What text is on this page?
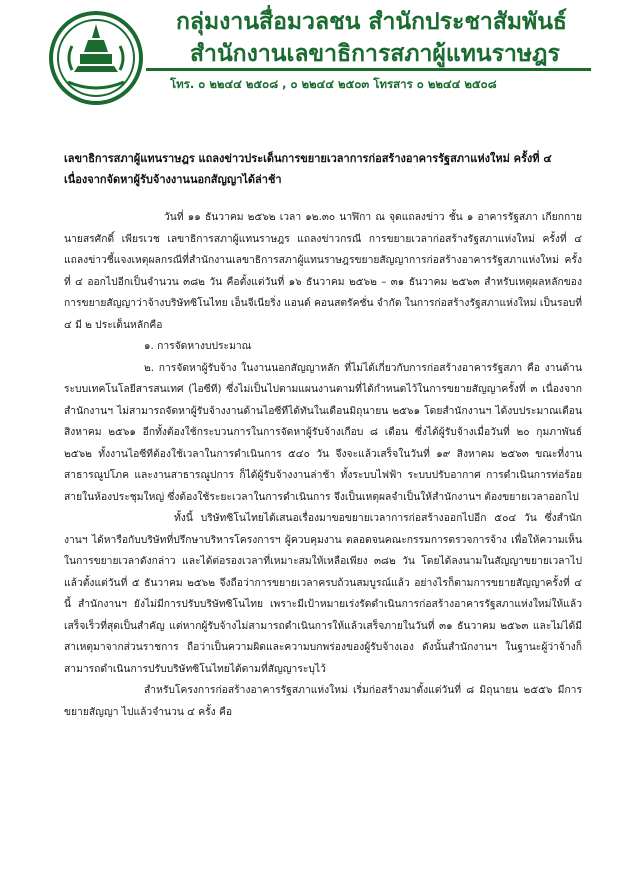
กลุ่มงานสื่อมวลชน สำนักประชาสัมพันธ์
สำนักงานเลขาธิการสภาผู้แทนราษฎร
โทร. ๐ ๒๒๔๔ ๒๕๐๘ , ๐ ๒๒๔๔ ๒๕๐๓ โทรสาร ๐ ๒๒๔๔ ๒๕๐๘
เลขาธิการสภาผู้แทนราษฎร แถลงข่าวประเด็นการขยายเวลาการก่อสร้างอาคารรัฐสภาแห่งใหม่ ครั้งที่ ๔ เนื่องจากจัดหาผู้รับจ้างงานนอกสัญญาได้ล่าช้า

วันที่ ๑๑ ธันวาคม ๒๕๖๒ เวลา ๑๒.๓๐ นาฬิกา ณ จุดแถลงข่าว ชั้น ๑ อาคารรัฐสภา เกียกกาย นายสรศักดิ์ เพียรเวช เลขาธิการสภาผู้แทนราษฎร แถลงข่าวกรณี การขยายเวลาก่อสร้างรัฐสภาแห่งใหม่ ครั้งที่ ๔ แถลงข่าวชี้แจงเหตุผลกรณีที่สำนักงานเลขาธิการสภาผู้แทนราษฎรขยายสัญญาการก่อสร้างอาคารรัฐสภาแห่งใหม่ ครั้งที่ ๔ ออกไปอีกเป็นจำนวน ๓๘๒ วัน คือตั้งแต่วันที่ ๑๖ ธันวาคม ๒๕๖๒ – ๓๑ ธันวาคม ๒๕๖๓ สำหรับเหตุผลหลักของการขยายสัญญาว่าจ้างบริษัทซิโนไทย เอ็นจีเนียริ่ง แอนด์ คอนสตรัคชั่น จำกัด ในการก่อสร้างรัฐสภาแห่งใหม่ เป็นรอบที่ ๔ มี ๒ ประเด็นหลักคือ

๑. การจัดหางบประมาณ

๒. การจัดหาผู้รับจ้าง ในงานนอกสัญญาหลัก ที่ไม่ได้เกี่ยวกับการก่อสร้างอาคารรัฐสภา คือ งานด้านระบบเทคโนโลยีสารสนเทศ (ไอซีที) ซึ่งไม่เป็นไปตามแผนงานตามที่ได้กำหนดไว้ในการขยายสัญญาครั้งที่ ๓ เนื่องจาก สำนักงานฯ ไม่สามารถจัดหาผู้รับจ้างงานด้านไอซีทีได้ทันในเดือนมิถุนายน ๒๕๖๑ โดยสำนักงานฯ ได้งบประมาณเดือนสิงหาคม ๒๕๖๑ อีกทั้งต้องใช้กระบวนการในการจัดหาผู้รับจ้างเกือบ ๘ เดือน ซึ่งได้ผู้รับจ้างเมื่อวันที่ ๒๐ กุมภาพันธ์ ๒๕๖๒ ทั้งงานไอซีทีต้องใช้เวลาในการดำเนินการ ๕๔๐ วัน จึงจะแล้วเสร็จในวันที่ ๑๙ สิงหาคม ๒๕๖๓ ขณะที่งานสาธารณูปโภค และงานสาธารณูปการ ก็ได้ผู้รับจ้างงานล่าช้า ทั้งระบบไฟฟ้า ระบบปรับอากาศ การดำเนินการท่อร้อยสายในห้องประชุมใหญ่ ซึ่งต้องใช้ระยะเวลาในการดำเนินการ จึงเป็นเหตุผลจำเป็นให้สำนักงานฯ ต้องขยายเวลาออกไป

ทั้งนี้ บริษัทซิโนไทยได้เสนอเรื่องมาขอขยายเวลาการก่อสร้างออกไปอีก ๕๐๔ วัน ซึ่งสำนักงานฯ ได้หารือกับบริษัทที่ปรึกษาบริหารโครงการฯ ผู้ควบคุมงาน ตลอดจนคณะกรรมการตรวจการจ้าง เพื่อให้ความเห็นในการขยายเวลาดังกล่าว และได้ต่อรองเวลาที่เหมาะสมให้เหลือเพียง ๓๘๒ วัน โดยได้ลงนามในสัญญาขยายเวลาไปแล้วตั้งแต่วันที่ ๕ ธันวาคม ๒๕๖๒ จึงถือว่าการขยายเวลาครบถ้วนสมบูรณ์แล้ว อย่างไรก็ตามการขยายสัญญาครั้งที่ ๔ นี้ สำนักงานฯ ยังไม่มีการปรับบริษัทซิโนไทย เพราะมีเป้าหมายเร่งรัดดำเนินการก่อสร้างอาคารรัฐสภาแห่งใหม่ให้แล้วเสร็จเร็วที่สุดเป็นสำคัญ แต่หากผู้รับจ้างไม่สามารถดำเนินการให้แล้วเสร็จภายในวันที่ ๓๑ ธันวาคม ๒๕๖๓ และไม่ได้มีสาเหตุมาจากส่วนราชการ ถือว่าเป็นความผิดและความบกพร่องของผู้รับจ้างเอง ดังนั้นสำนักงานฯ ในฐานะผู้ว่าจ้างก็สามารถดำเนินการปรับบริษัทซิโนไทยได้ตามที่สัญญาระบุไว้

สำหรับโครงการก่อสร้างอาคารรัฐสภาแห่งใหม่ เริ่มก่อสร้างมาตั้งแต่วันที่ ๘ มิถุนายน ๒๕๕๖ มีการขยายสัญญา ไปแล้วจำนวน ๔ ครั้ง คือ
